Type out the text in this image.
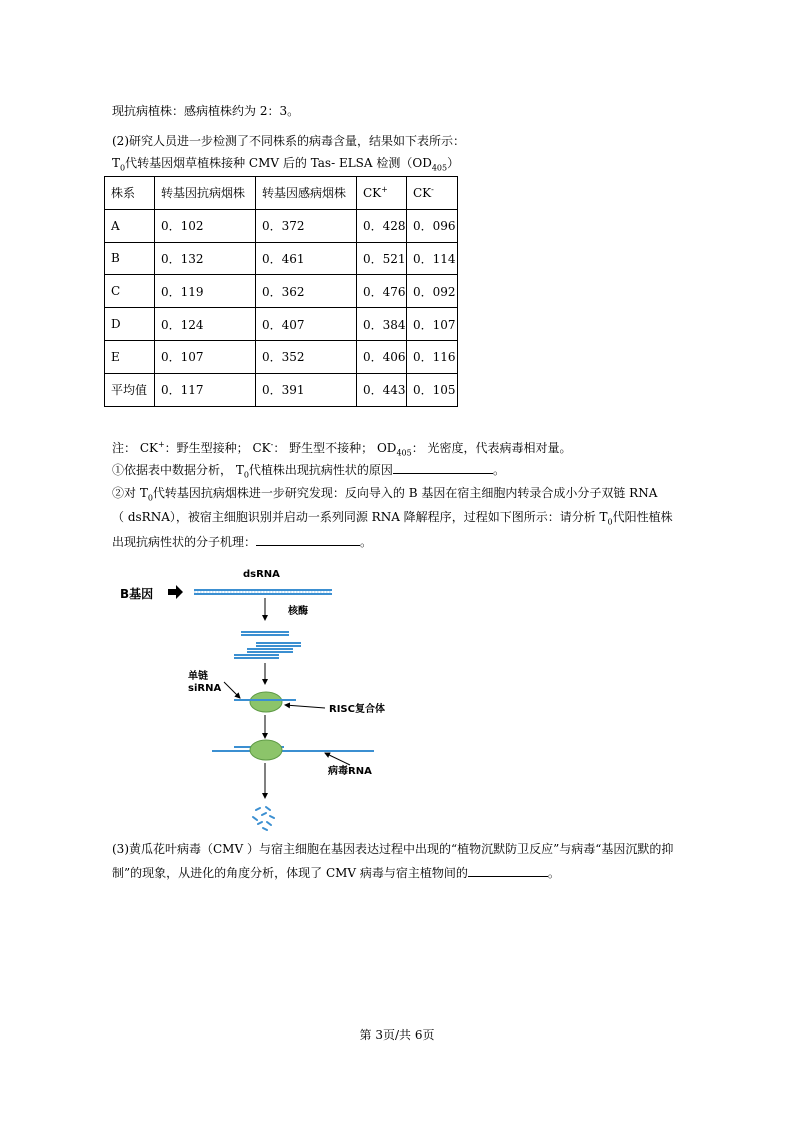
现抗病植株：感病植株约为 2：3。
(2)研究人员进一步检测了不同株系的病毒含量，结果如下表所示：
$T_0$代转基因烟草植株接种 CMV 后的 Tas- ELSA 检测$(OD_{405})$
株系	转基因抗病烟株	转基因感病烟株	CK+	CK-
A	0．102	0．372	0．428	0．096
B	0．132	0．461	0．521	0．114
C	0．119	0．362	0．476	0．092
D	0．124	0．407	0．384	0．107
E	0．107	0．352	0．406	0．116
平均值	0．117	0．391	0．443	0．105
注： CK+：野生型接种； CK-： 野生型不接种； $OD_{405}$： 光密度，代表病毒相对量。
①依据表中数据分析， $T_0$代植株出现抗病性状的原因	。
②对 $T_0$代转基因抗病烟株进一步研究发现：反向导入的 B 基因在宿主细胞内转录合成小分子双链 RNA
（ dsRNA），被宿主细胞识别并启动一系列同源 RNA 降解程序，过程如下图所示：请分析 $T_0$代阳性植株
出现抗病性状的分子机理：	。
B基因
dsRNA
核酶
单链
siRNA
RISC复合体
病毒RNA
(3)黄瓜花叶病毒（CMV ）与宿主细胞在基因表达过程中出现的“植物沉默防卫反应”与病毒“基因沉默的抑
制”的现象，从进化的角度分析，体现了 CMV 病毒与宿主植物间的	。
第 3页/共 6页
